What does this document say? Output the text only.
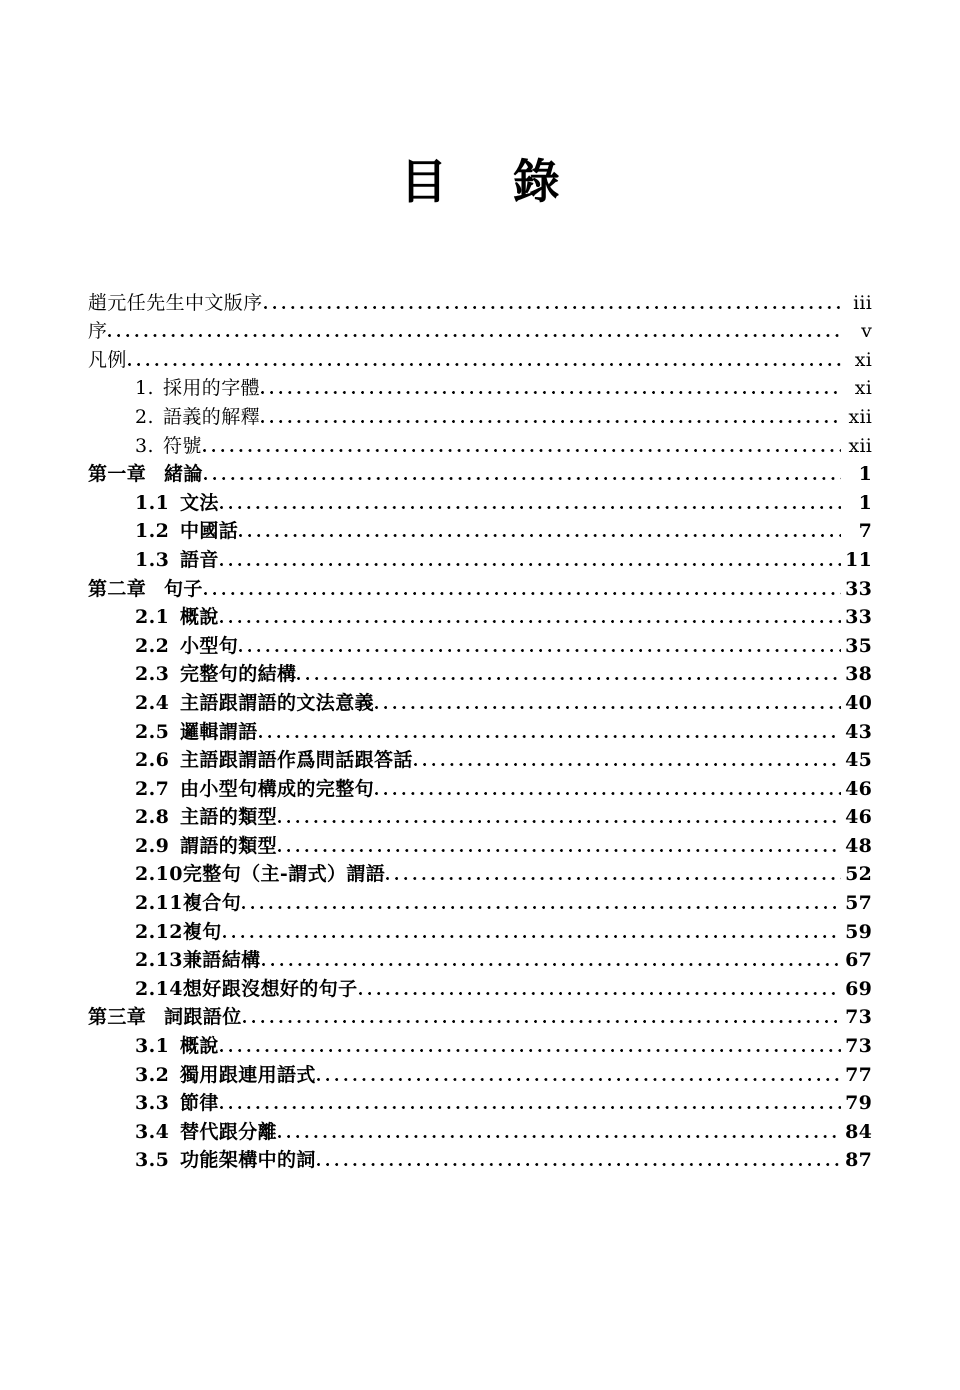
目    錄
趙元任先生中文版序	iii
序	v
凡例	xi
1. 採用的字體	xi
2. 語義的解釋	xii
3. 符號	xii
第一章 緒論	1
1.1 文法	1
1.2 中國話	7
1.3 語音	11
第二章 句子	33
2.1 概說	33
2.2 小型句	35
2.3 完整句的結構	38
2.4 主語跟謂語的文法意義	40
2.5 邏輯謂語	43
2.6 主語跟謂語作爲問話跟答話	45
2.7 由小型句構成的完整句	46
2.8 主語的類型	46
2.9 謂語的類型	48
2.10完整句（主-謂式）謂語	52
2.11複合句	57
2.12複句	59
2.13兼語結構	67
2.14想好跟沒想好的句子	69
第三章 詞跟語位	73
3.1 概說	73
3.2 獨用跟連用語式	77
3.3 節律	79
3.4 替代跟分離	84
3.5 功能架構中的詞	87
